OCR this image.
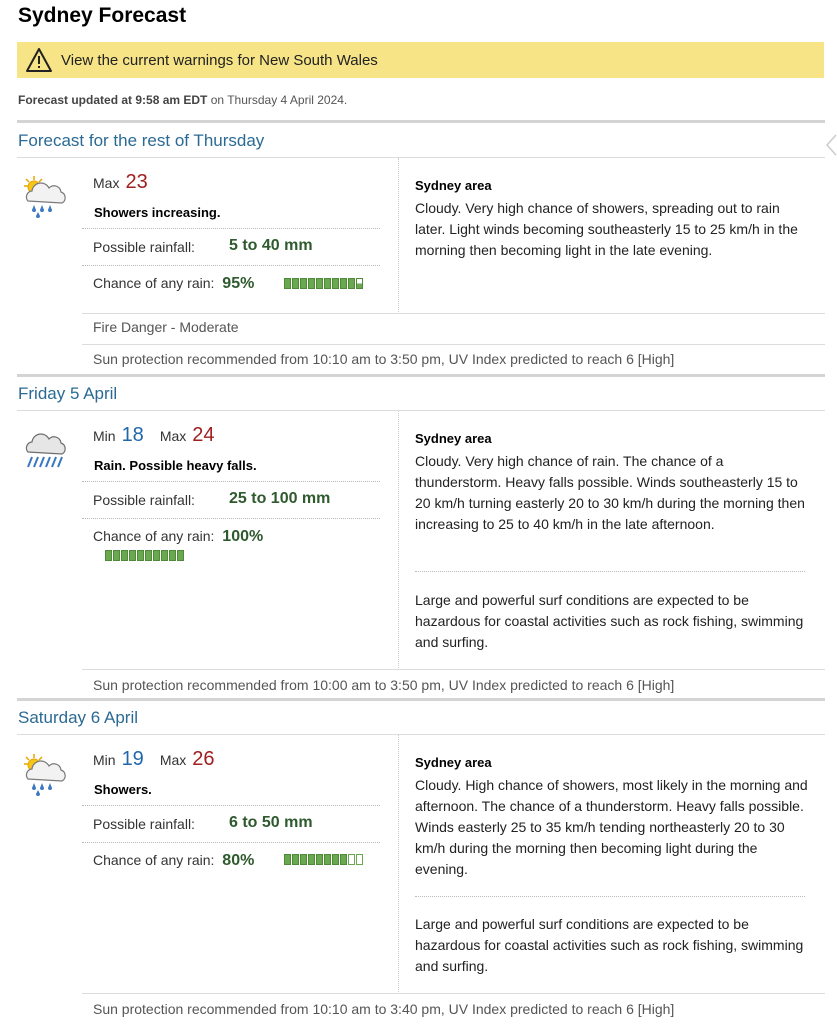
Sydney Forecast
View the current warnings for New South Wales
Forecast updated at 9:58 am EDT on Thursday 4 April 2024.
Forecast for the rest of Thursday
Max 23
Showers increasing.
Possible rainfall: 5 to 40 mm
Chance of any rain: 95%
Sydney area
Cloudy. Very high chance of showers, spreading out to rain later. Light winds becoming southeasterly 15 to 25 km/h in the morning then becoming light in the late evening.
Fire Danger - Moderate
Sun protection recommended from 10:10 am to 3:50 pm, UV Index predicted to reach 6 [High]
Friday 5 April
Min 18 Max 24
Rain. Possible heavy falls.
Possible rainfall: 25 to 100 mm
Chance of any rain: 100%
Sydney area
Cloudy. Very high chance of rain. The chance of a thunderstorm. Heavy falls possible. Winds southeasterly 15 to 20 km/h turning easterly 20 to 30 km/h during the morning then increasing to 25 to 40 km/h in the late afternoon.
Large and powerful surf conditions are expected to be hazardous for coastal activities such as rock fishing, swimming and surfing.
Sun protection recommended from 10:00 am to 3:50 pm, UV Index predicted to reach 6 [High]
Saturday 6 April
Min 19 Max 26
Showers.
Possible rainfall: 6 to 50 mm
Chance of any rain: 80%
Sydney area
Cloudy. High chance of showers, most likely in the morning and afternoon. The chance of a thunderstorm. Heavy falls possible. Winds easterly 25 to 35 km/h tending northeasterly 20 to 30 km/h during the morning then becoming light during the evening.
Large and powerful surf conditions are expected to be hazardous for coastal activities such as rock fishing, swimming and surfing.
Sun protection recommended from 10:10 am to 3:40 pm, UV Index predicted to reach 6 [High]
